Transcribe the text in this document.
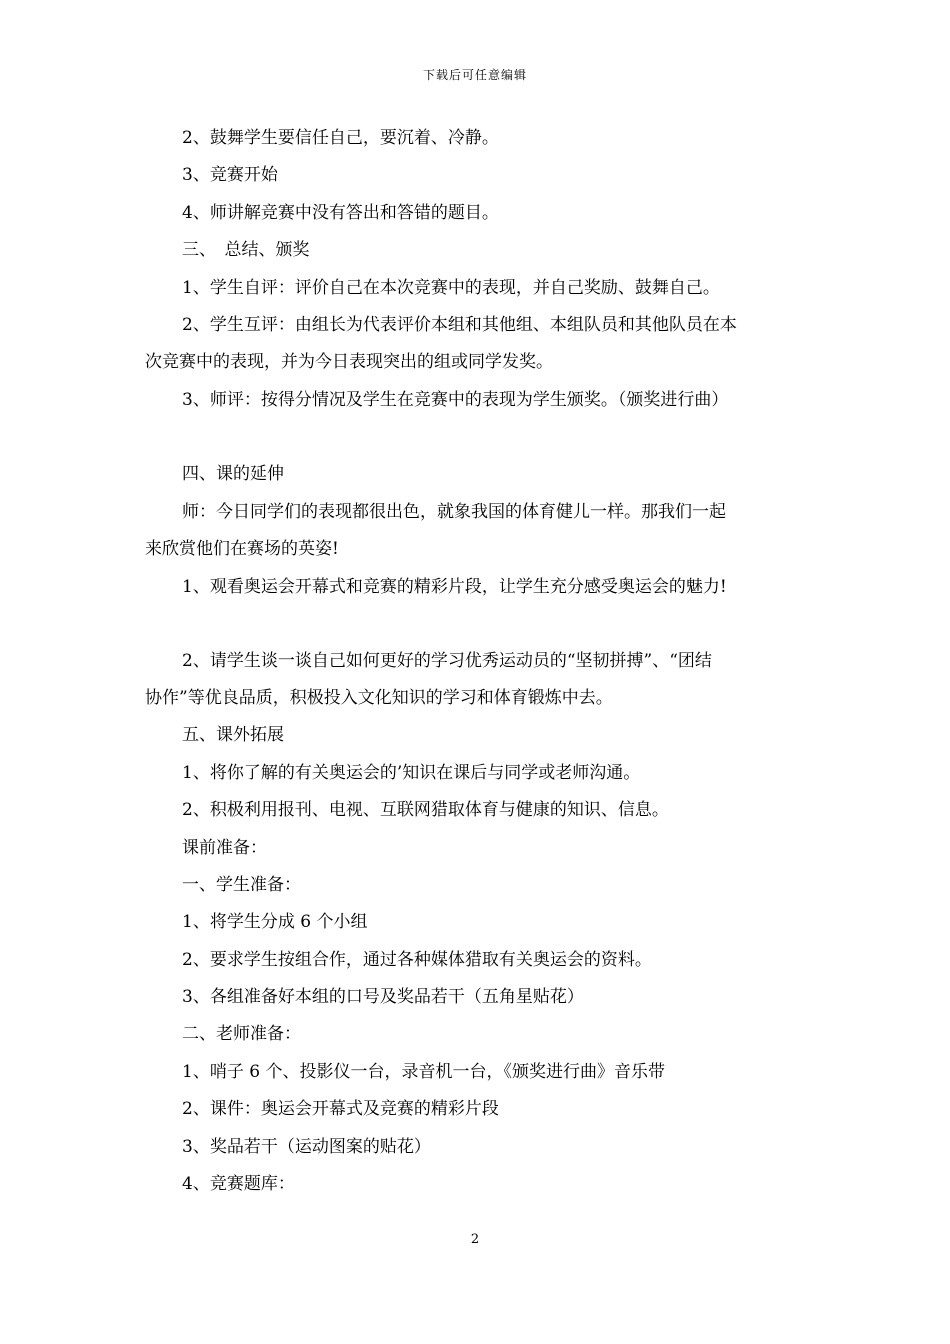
下载后可任意编辑
2、鼓舞学生要信任自己，要沉着、冷静。
3、竞赛开始
4、师讲解竞赛中没有答出和答错的题目。
三、　总结、颁奖
1、学生自评：评价自己在本次竞赛中的表现，并自己奖励、鼓舞自己。
2、学生互评：由组长为代表评价本组和其他组、本组队员和其他队员在本
次竞赛中的表现，并为今日表现突出的组或同学发奖。
3、师评：按得分情况及学生在竞赛中的表现为学生颁奖。（颁奖进行曲）
四、课的延伸
师：今日同学们的表现都很出色，就象我国的体育健儿一样。那我们一起
来欣赏他们在赛场的英姿!
1、观看奥运会开幕式和竞赛的精彩片段，让学生充分感受奥运会的魅力!
2、请学生谈一谈自己如何更好的学习优秀运动员的“坚韧拼搏”、“团结
协作”等优良品质，积极投入文化知识的学习和体育锻炼中去。
五、课外拓展
1、将你了解的有关奥运会的’知识在课后与同学或老师沟通。
2、积极利用报刊、电视、互联网猎取体育与健康的知识、信息。
课前准备：
一、学生准备：
1、将学生分成 6 个小组
2、要求学生按组合作，通过各种媒体猎取有关奥运会的资料。
3、各组准备好本组的口号及奖品若干（五角星贴花）
二、老师准备：
1、哨子 6 个、投影仪一台，录音机一台，《颁奖进行曲》音乐带
2、课件：奥运会开幕式及竞赛的精彩片段
3、奖品若干（运动图案的贴花）
4、竞赛题库：
2
